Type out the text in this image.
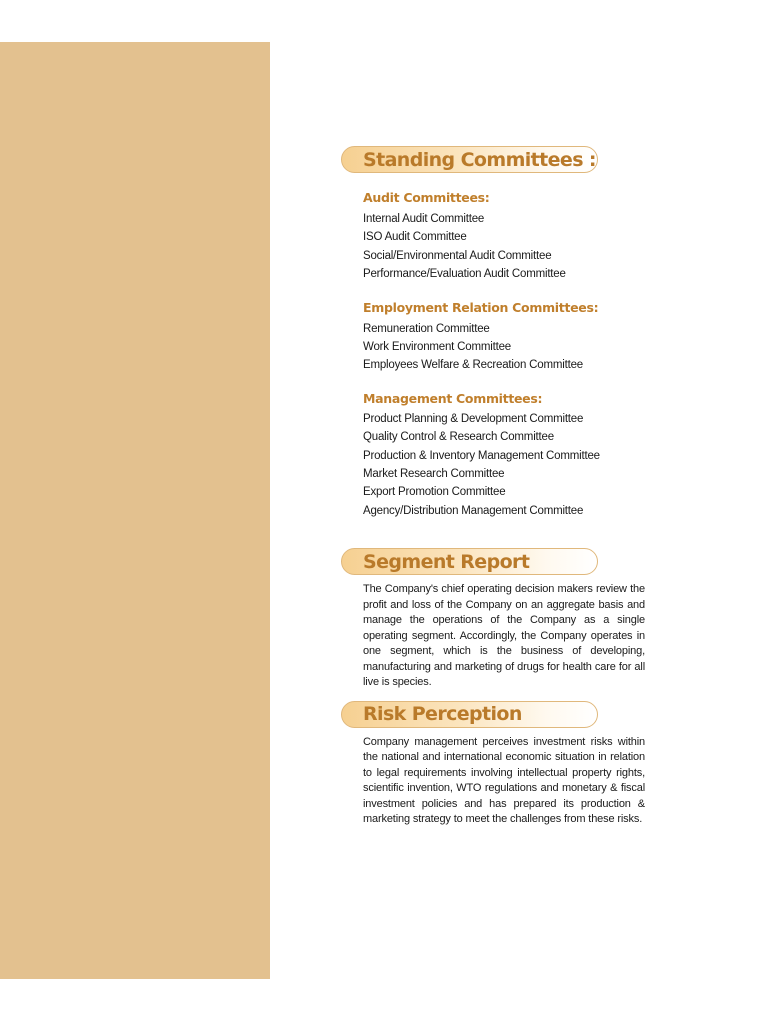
Standing Committees :
Audit Committees:
Internal Audit Committee
ISO Audit Committee
Social/Environmental Audit Committee
Performance/Evaluation Audit Committee
Employment Relation Committees:
Remuneration Committee
Work Environment Committee
Employees Welfare & Recreation Committee
Management Committees:
Product Planning & Development Committee
Quality Control & Research Committee
Production & Inventory Management Committee
Market Research Committee
Export Promotion Committee
Agency/Distribution Management Committee
Segment Report

The Company's chief operating decision makers review the profit and loss of the Company on an aggregate basis and manage the operations of the Company as a single operating segment. Accordingly, the Company operates in one segment, which is the business of developing, manufacturing and marketing of drugs for health care for all live is species.

Risk Perception

Company management perceives investment risks within the national and international economic situation in relation to legal requirements involving intellectual property rights, scientific invention, WTO regulations and monetary & fiscal investment policies and has prepared its production & marketing strategy to meet the challenges from these risks.
